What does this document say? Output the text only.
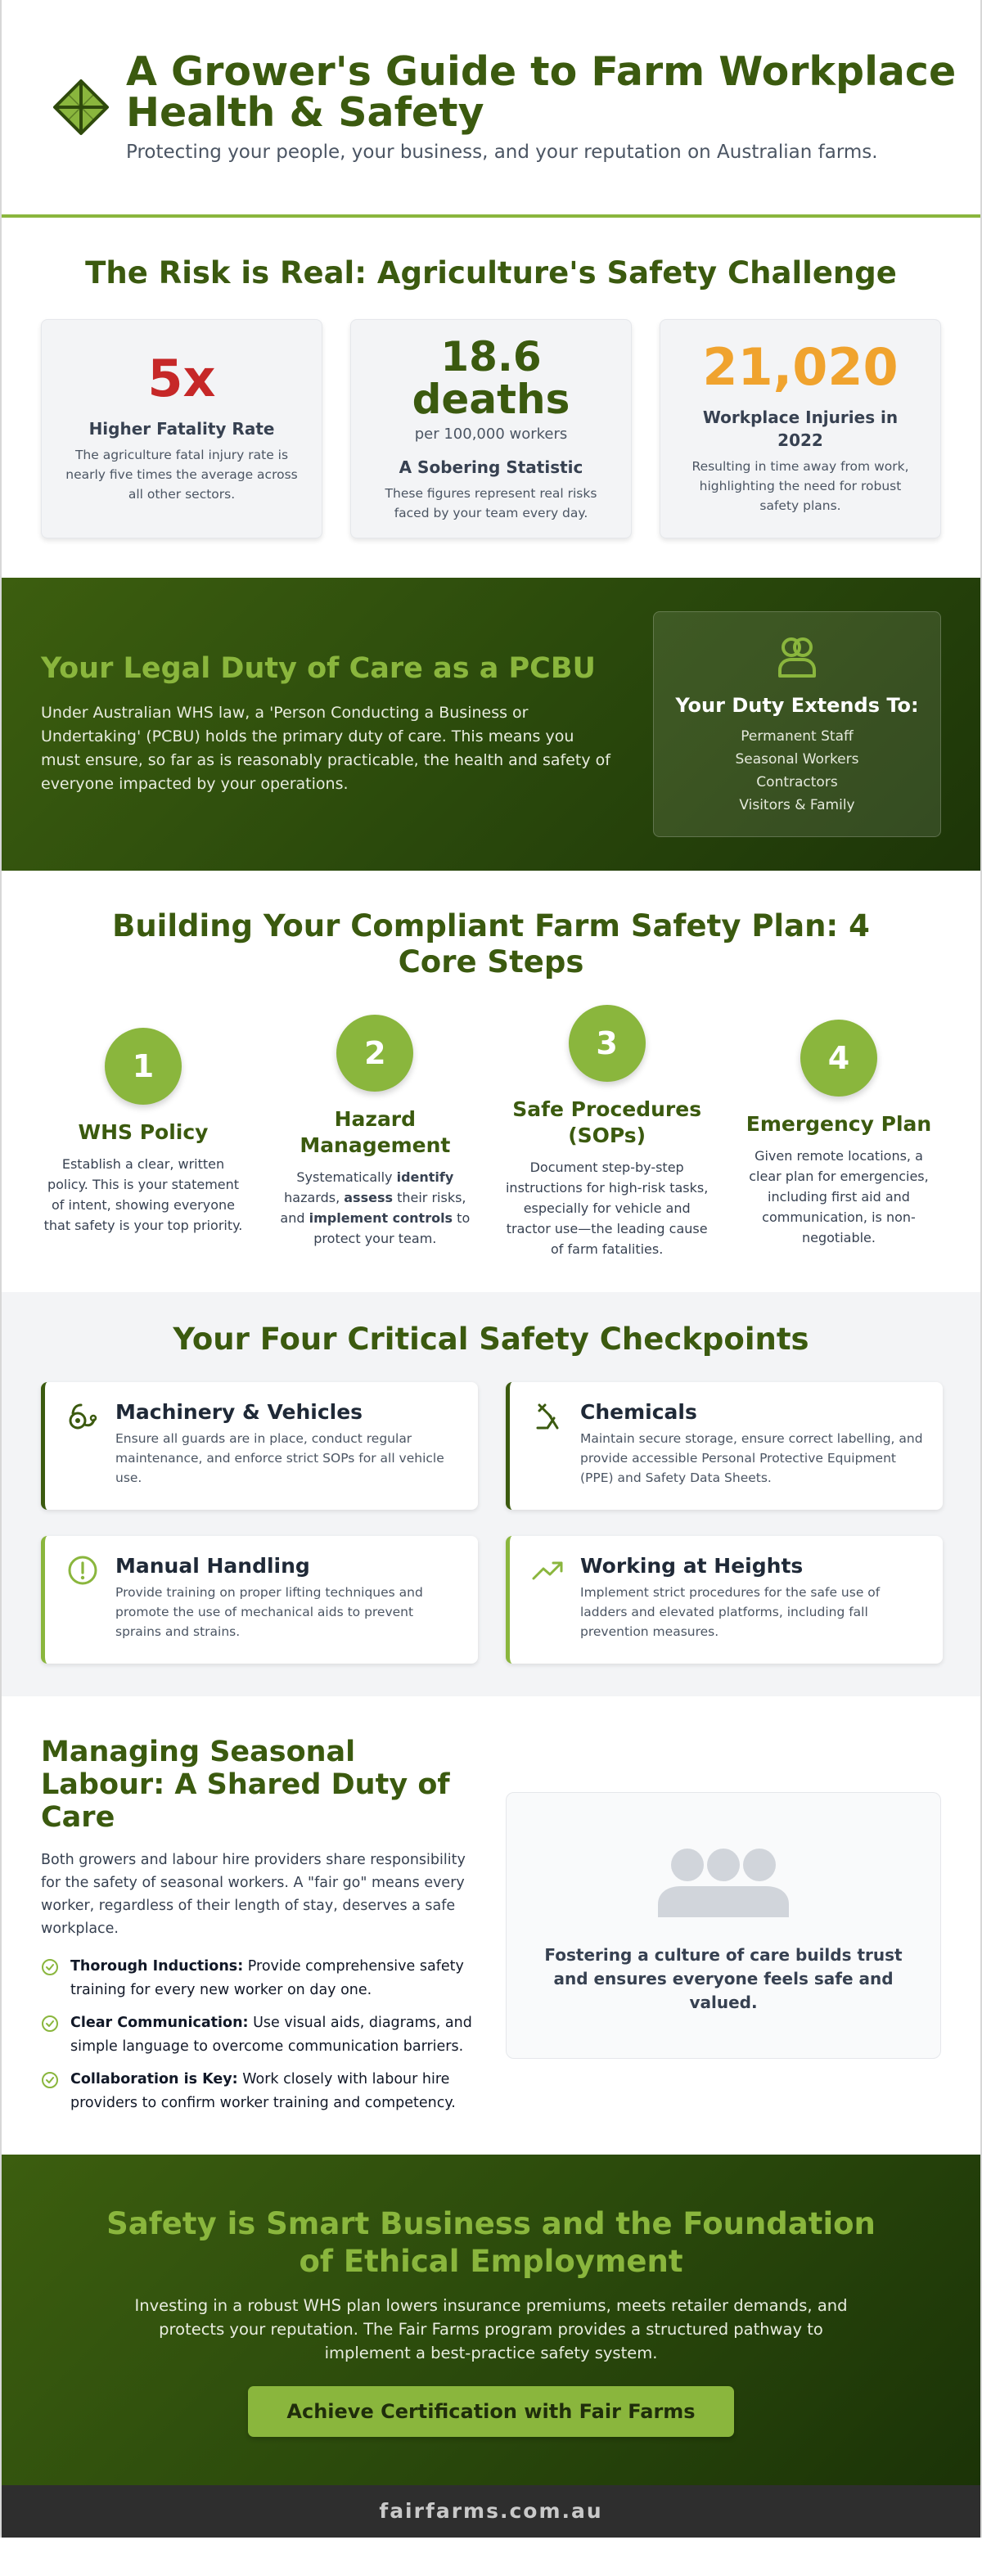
A Grower's Guide to Farm Workplace Health & Safety

Protecting your people, your business, and your reputation on Australian farms.

The Risk is Real: Agriculture's Safety Challenge
5x
Higher Fatality Rate
The agriculture fatal injury rate is nearly five times the average across all other sectors.
18.6 deaths
per 100,000 workers
A Sobering Statistic
These figures represent real risks faced by your team every day.
21,020
Workplace Injuries in 2022
Resulting in time away from work, highlighting the need for robust safety plans.
Your Legal Duty of Care as a PCBU

Under Australian WHS law, a 'Person Conducting a Business or Undertaking' (PCBU) holds the primary duty of care. This means you must ensure, so far as is reasonably practicable, the health and safety of everyone impacted by your operations.

Your Duty Extends To:
Permanent Staff
Seasonal Workers
Contractors
Visitors & Family
Building Your Compliant Farm Safety Plan: 4 Core Steps
1
WHS Policy

Establish a clear, written policy. This is your statement of intent, showing everyone that safety is your top priority.

2
Hazard Management

Systematically identify hazards, assess their risks, and implement controls to protect your team.

3
Safe Procedures (SOPs)

Document step-by-step instructions for high-risk tasks, especially for vehicle and tractor use—the leading cause of farm fatalities.

4
Emergency Plan

Given remote locations, a clear plan for emergencies, including first aid and communication, is non-negotiable.

Your Four Critical Safety Checkpoints
Machinery & Vehicles

Ensure all guards are in place, conduct regular maintenance, and enforce strict SOPs for all vehicle use.

Chemicals

Maintain secure storage, ensure correct labelling, and provide accessible Personal Protective Equipment (PPE) and Safety Data Sheets.

Manual Handling

Provide training on proper lifting techniques and promote the use of mechanical aids to prevent sprains and strains.

Working at Heights

Implement strict procedures for the safe use of ladders and elevated platforms, including fall prevention measures.

Managing Seasonal Labour: A Shared Duty of Care

Both growers and labour hire providers share responsibility for the safety of seasonal workers. A "fair go" means every worker, regardless of their length of stay, deserves a safe workplace.

Thorough Inductions: Provide comprehensive safety training for every new worker on day one.
Clear Communication: Use visual aids, diagrams, and simple language to overcome communication barriers.
Collaboration is Key: Work closely with labour hire providers to confirm worker training and competency.

Fostering a culture of care builds trust and ensures everyone feels safe and valued.

Safety is Smart Business and the Foundation of Ethical Employment

Investing in a robust WHS plan lowers insurance premiums, meets retailer demands, and protects your reputation. The Fair Farms program provides a structured pathway to implement a best-practice safety system.

Achieve Certification with Fair Farms
fairfarms.com.au
